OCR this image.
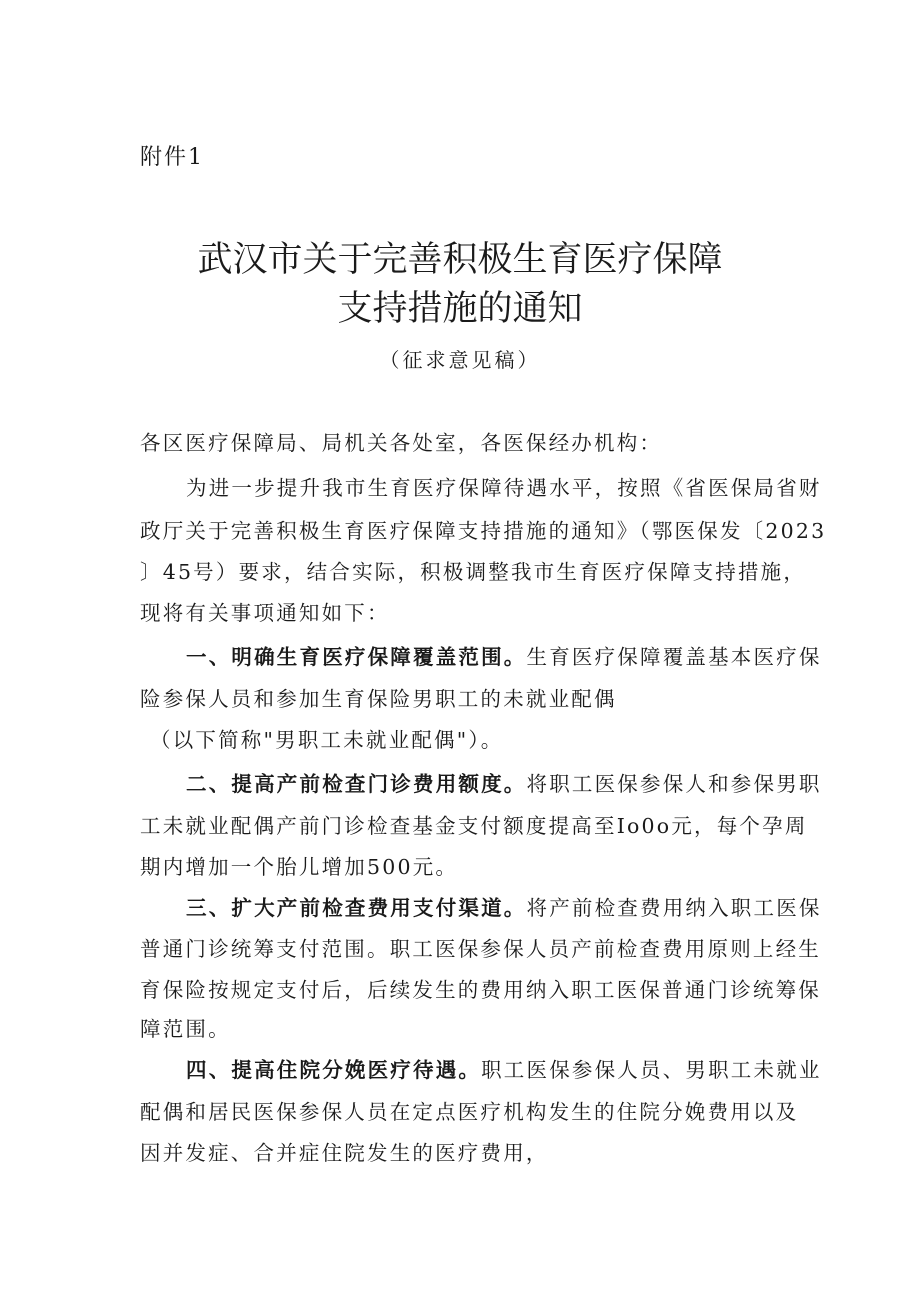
附件1
武汉市关于完善积极生育医疗保障
支持措施的通知
（征求意见稿）
各区医疗保障局、局机关各处室，各医保经办机构：
为进一步提升我市生育医疗保障待遇水平，按照《省医保局省财
政厅关于完善积极生育医疗保障支持措施的通知》（鄂医保发〔2023
〕45号）要求，结合实际，积极调整我市生育医疗保障支持措施，
现将有关事项通知如下：
一、明确生育医疗保障覆盖范围。生育医疗保障覆盖基本医疗保
险参保人员和参加生育保险男职工的未就业配偶
（以下简称"男职工未就业配偶"）。
二、提高产前检查门诊费用额度。将职工医保参保人和参保男职
工未就业配偶产前门诊检查基金支付额度提高至Io0o元，每个孕周
期内增加一个胎儿增加500元。
三、扩大产前检查费用支付渠道。将产前检查费用纳入职工医保
普通门诊统筹支付范围。职工医保参保人员产前检查费用原则上经生
育保险按规定支付后，后续发生的费用纳入职工医保普通门诊统筹保
障范围。
四、提高住院分娩医疗待遇。职工医保参保人员、男职工未就业
配偶和居民医保参保人员在定点医疗机构发生的住院分娩费用以及
因并发症、合并症住院发生的医疗费用，
